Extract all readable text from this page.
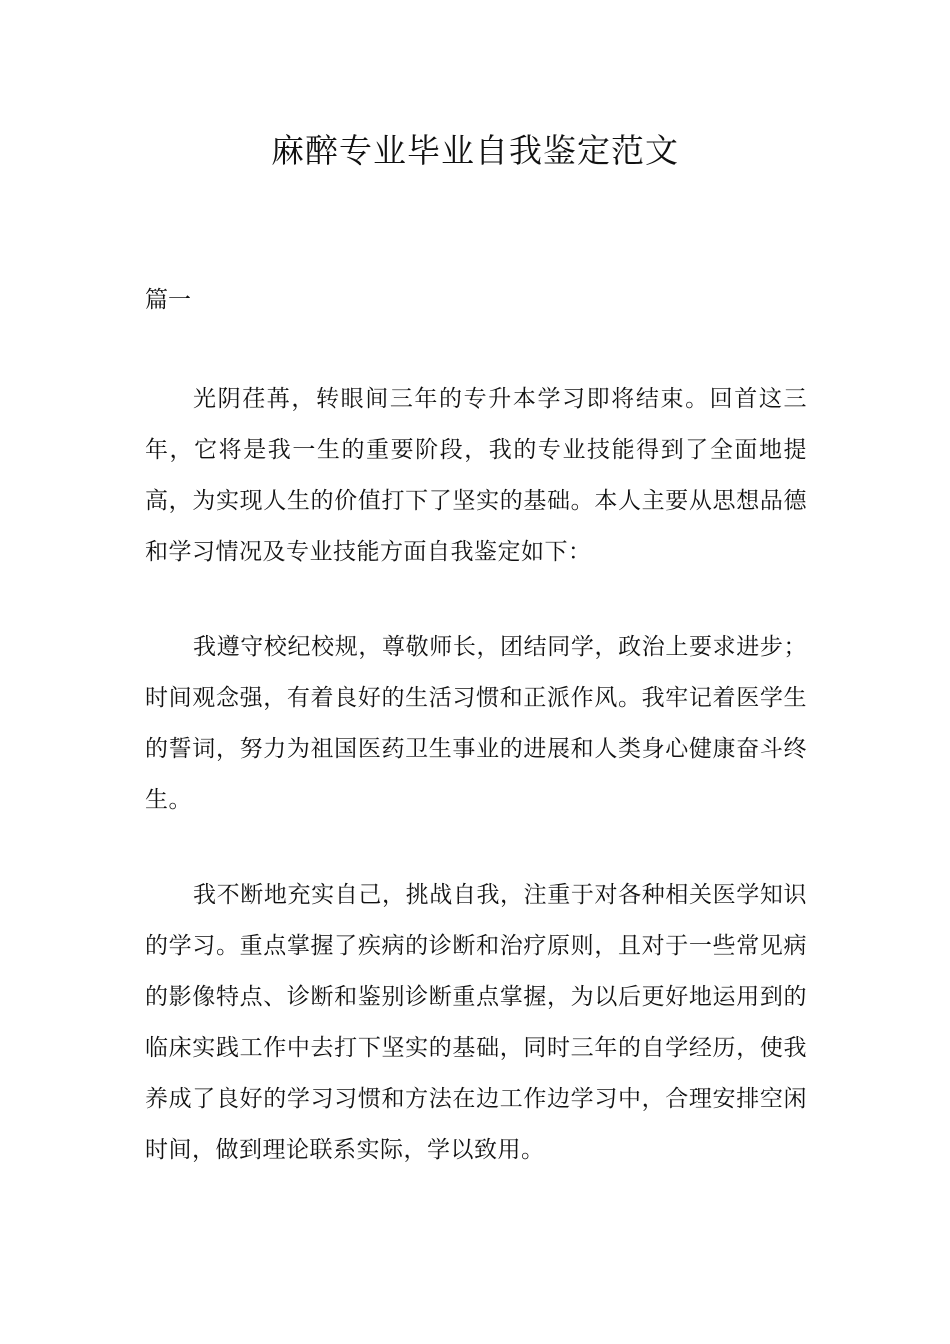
麻醉专业毕业自我鉴定范文

篇一

光阴荏苒，转眼间三年的专升本学习即将结束。回首这三年，它将是我一生的重要阶段，我的专业技能得到了全面地提高，为实现人生的价值打下了坚实的基础。本人主要从思想品德和学习情况及专业技能方面自我鉴定如下：

我遵守校纪校规，尊敬师长，团结同学，政治上要求进步；时间观念强，有着良好的生活习惯和正派作风。我牢记着医学生的誓词，努力为祖国医药卫生事业的进展和人类身心健康奋斗终生。

我不断地充实自己，挑战自我，注重于对各种相关医学知识的学习。重点掌握了疾病的诊断和治疗原则，且对于一些常见病的影像特点、诊断和鉴别诊断重点掌握，为以后更好地运用到的临床实践工作中去打下坚实的基础，同时三年的自学经历，使我养成了良好的学习习惯和方法在边工作边学习中，合理安排空闲时间，做到理论联系实际，学以致用。
